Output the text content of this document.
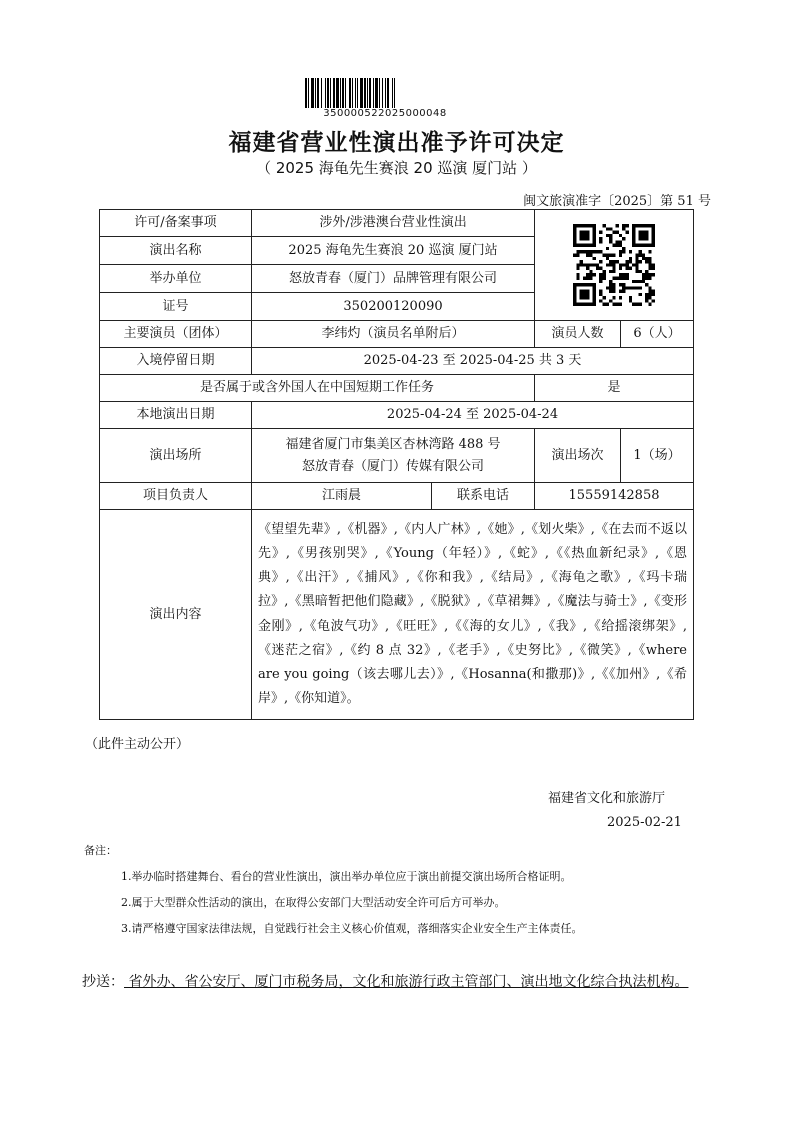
35000052202500004​8
福建省营业性演出准予许可决定
（ 2025 海龟先生赛浪 20 巡演 厦门站 ）
闽文旅演准字〔2025〕第 51 号
许可/备案事项	涉外/涉港澳台营业性演出	

演出名称	2025 海龟先生赛浪 20 巡演 厦门站			
举办单位	怒放青春（厦门）品牌管理有限公司			
证号	350200120090			
主要演员（团体）	李纬灼（演员名单附后）		演员人数	6（人）
入境停留日期	2025-04-23 至 2025-04-25 共 3 天			
是否属于或含外国人在中国短期工作任务			是	
本地演出日期	2025-04-24 至 2025-04-24			
演出场所	福建省厦门市集美区杏林湾路 488 号
怒放青春（厦门）传媒有限公司		演出场次	1（场）
项目负责人	江雨晨	联系电话	15559142858	
演出内容	《望望先辈》,《机器》,《内人广林》,《她》,《划火柴》,《在去而不返以先》,《男孩别哭》,《Young（年轻）》,《蛇》,《《热血新纪录》,《恩典》,《出汗》,《捕风》,《你和我》,《结局》,《海龟之歌》,《玛卡瑞拉》,《黑暗暂把他们隐藏》,《脱狱》,《草裙舞》,《魔法与骑士》,《变形金刚》,《龟波气功》,《旺旺》,《《海的女儿》,《我》,《给摇滚绑架》,《迷茫之宿》,《约 8 点 32》,《老手》,《史努比》,《微笑》,《where are you going（该去哪儿去）》,《Hosanna(和撒那)》,《《加州》,《希岸》,《你知道》。			
（此件主动公开）
福建省文化和旅游厅
2025-02-21
备注：
1.举办临时搭建舞台、看台的营业性演出，演出举办单位应于演出前提交演出场所合格证明。
2.属于大型群众性活动的演出，在取得公安部门大型活动安全许可后方可举办。
3.请严格遵守国家法律法规，自觉践行社会主义核心价值观，落细落实企业安全生产主体责任。
抄送： 省外办、省公安厅、厦门市税务局，文化和旅游行政主管部门、演出地文化综合执法机构。
